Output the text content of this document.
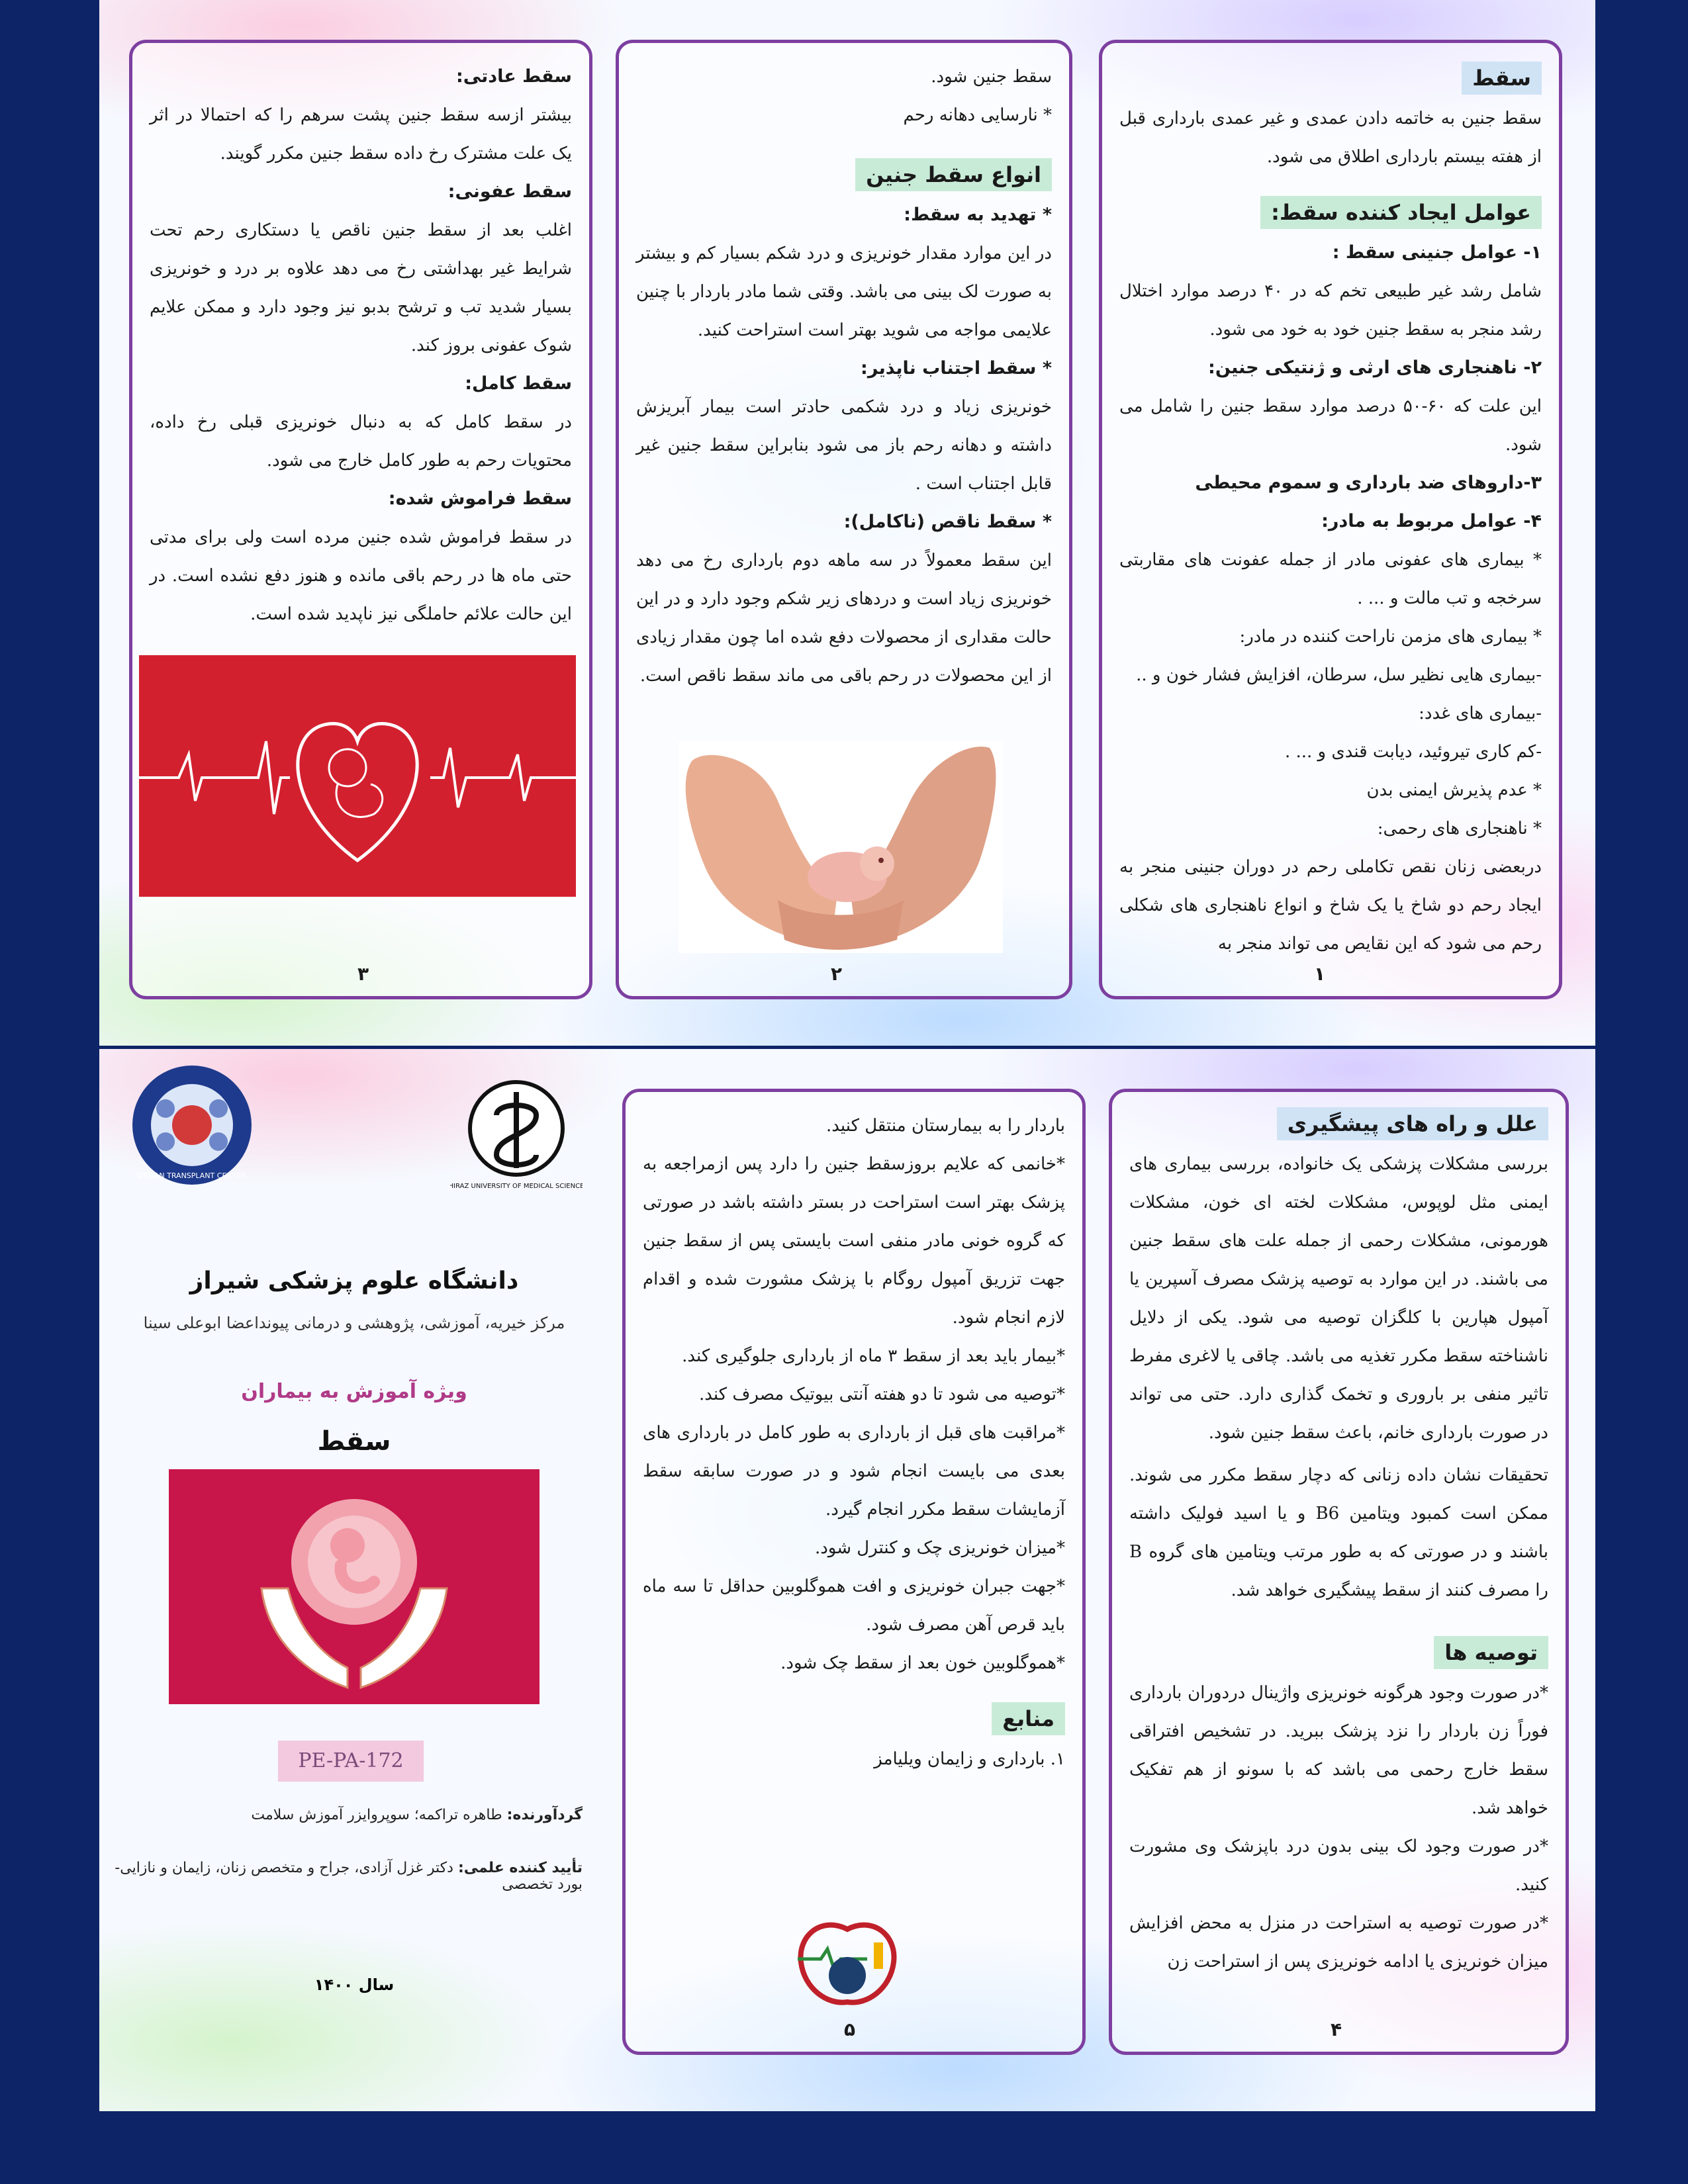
سقط

سقط جنین به خاتمه دادن عمدی و غیر عمدی بارداری قبل از هفته بیستم بارداری اطلاق می شود.

عوامل ایجاد کننده سقط:

۱- عوامل جنینی سقط :

شامل رشد غیر طبیعی تخم که در ۴۰ درصد موارد اختلال رشد منجر به سقط جنین خود به خود می شود.

۲- ناهنجاری های ارثی و ژنتیکی جنین:

این علت که ۶۰-۵۰ درصد موارد سقط جنین را شامل می شود.

۳-داروهای ضد بارداری و سموم محیطی

۴- عوامل مربوط به مادر:

* بیماری های عفونی مادر از جمله عفونت های مقاربتی سرخجه و تب مالت و ... .

* بیماری های مزمن ناراحت کننده در مادر:

-بیماری هایی نظیر سل، سرطان، افزایش فشار خون و ..

-بیماری های غدد:

-کم کاری تیروئید، دیابت قندی و ... .

* عدم پذیرش ایمنی بدن

* ناهنجاری های رحمی:

دربعضی زنان نقص تکاملی رحم در دوران جنینی منجر به ایجاد رحم دو شاخ یا یک شاخ و انواع ناهنجاری های شکلی رحم می شود که این نقایص می تواند منجر به

۱

سقط جنین شود.

* نارسایی دهانه رحم

انواع سقط جنین

* تهدید به سقط:

در این موارد مقدار خونریزی و درد شکم بسیار کم و بیشتر به صورت لک بینی می باشد. وقتی شما مادر باردار با چنین علایمی مواجه می شوید بهتر است استراحت کنید.

* سقط اجتناب ناپذیر:

خونریزی زیاد و درد شکمی حادتر است بیمار آبریزش داشته و دهانه رحم باز می شود بنابراین سقط جنین غیر قابل اجتناب است .

* سقط ناقص (ناکامل):

این سقط معمولاً در سه ماهه دوم بارداری رخ می دهد خونریزی زیاد است و دردهای زیر شکم وجود دارد و در این حالت مقداری از محصولات دفع شده اما چون مقدار زیادی از این محصولات در رحم باقی می ماند سقط ناقص است.

۲

سقط عادتی:

بیشتر ازسه سقط جنین پشت سرهم را که احتمالا در اثر یک علت مشترک رخ داده سقط جنین مکرر گویند.

سقط عفونی:

اغلب بعد از سقط جنین ناقص یا دستکاری رحم تحت شرایط غیر بهداشتی رخ می دهد علاوه بر درد و خونریزی بسیار شدید تب و ترشح بدبو نیز وجود دارد و ممکن علایم شوک عفونی بروز کند.

سقط کامل:

در سقط کامل که به دنبال خونریزی قبلی رخ داده، محتویات رحم به طور کامل خارج می شود.

سقط فراموش شده:

در سقط فراموش شده جنین مرده است ولی برای مدتی حتی ماه ها در رحم باقی مانده و هنوز دفع نشده است. در این حالت علائم حاملگی نیز ناپدید شده است.

۳
علل و راه های پیشگیری

بررسی مشکلات پزشکی یک خانواده، بررسی بیماری های ایمنی مثل لوپوس، مشکلات لخته ای خون، مشکلات هورمونی، مشکلات رحمی از جمله علت های سقط جنین می باشند. در این موارد به توصیه پزشک مصرف آسپرین یا آمپول هپارین با کلگزان توصیه می شود. یکی از دلایل ناشناخته سقط مکرر تغذیه می باشد. چاقی یا لاغری مفرط تاثیر منفی بر باروری و تخمک گذاری دارد. حتی می تواند در صورت بارداری خانم، باعث سقط جنین شود.

تحقیقات نشان داده زنانی که دچار سقط مکرر می شوند. ممکن است کمبود ویتامین B6 و یا اسید فولیک داشته باشند و در صورتی که به طور مرتب ویتامین های گروه B را مصرف کنند از سقط پیشگیری خواهد شد.

توصیه ها

*در صورت وجود هرگونه خونریزی واژینال دردوران بارداری فوراً زن باردار را نزد پزشک ببرید. در تشخیص افتراقی سقط خارج رحمی می باشد که با سونو از هم تفکیک خواهد شد.

*در صورت وجود لک بینی بدون درد باپزشک وی مشورت کنید.

*در صورت توصیه به استراحت در منزل به محض افزایش میزان خونریزی یا ادامه خونریزی پس از استراحت زن

۴

باردار را به بیمارستان منتقل کنید.

*خانمی که علایم بروزسقط جنین را دارد پس ازمراجعه به پزشک بهتر است استراحت در بستر داشته باشد در صورتی که گروه خونی مادر منفی است بایستی پس از سقط جنین جهت تزریق آمپول روگام با پزشک مشورت شده و اقدام لازم انجام شود.

*بیمار باید بعد از سقط ۳ ماه از بارداری جلوگیری کند.

*توصیه می شود تا دو هفته آنتی بیوتیک مصرف کند.

*مراقبت های قبل از بارداری به طور کامل در بارداری های بعدی می بایست انجام شود و در صورت سابقه سقط آزمایشات سقط مکرر انجام گیرد.

*میزان خونریزی چک و کنترل شود.

*جهت جبران خونریزی و افت هموگلوبین حداقل تا سه ماه باید قرص آهن مصرف شود.

*هموگلوبین خون بعد از سقط چک شود.

منابع

۱. بارداری و زایمان ویلیامز

۵
ORGAN TRANSPLANT CENTER
SHIRAZ UNIVERSITY OF MEDICAL SCIENCES
دانشگاه علوم پزشکی شیراز
مرکز خیریه، آموزشی، پژوهشی و درمانی پیونداعضا ابوعلی سینا
ویژه آموزش به بیماران
سقط
PE-PA-172
گردآورنده: طاهره تراکمه؛ سوپروایزر آموزش سلامت
تأیید کننده علمی: دکتر غزل آزادی، جراح و متخصص زنان، زایمان و نازایی- بورد تخصصی
سال ۱۴۰۰
